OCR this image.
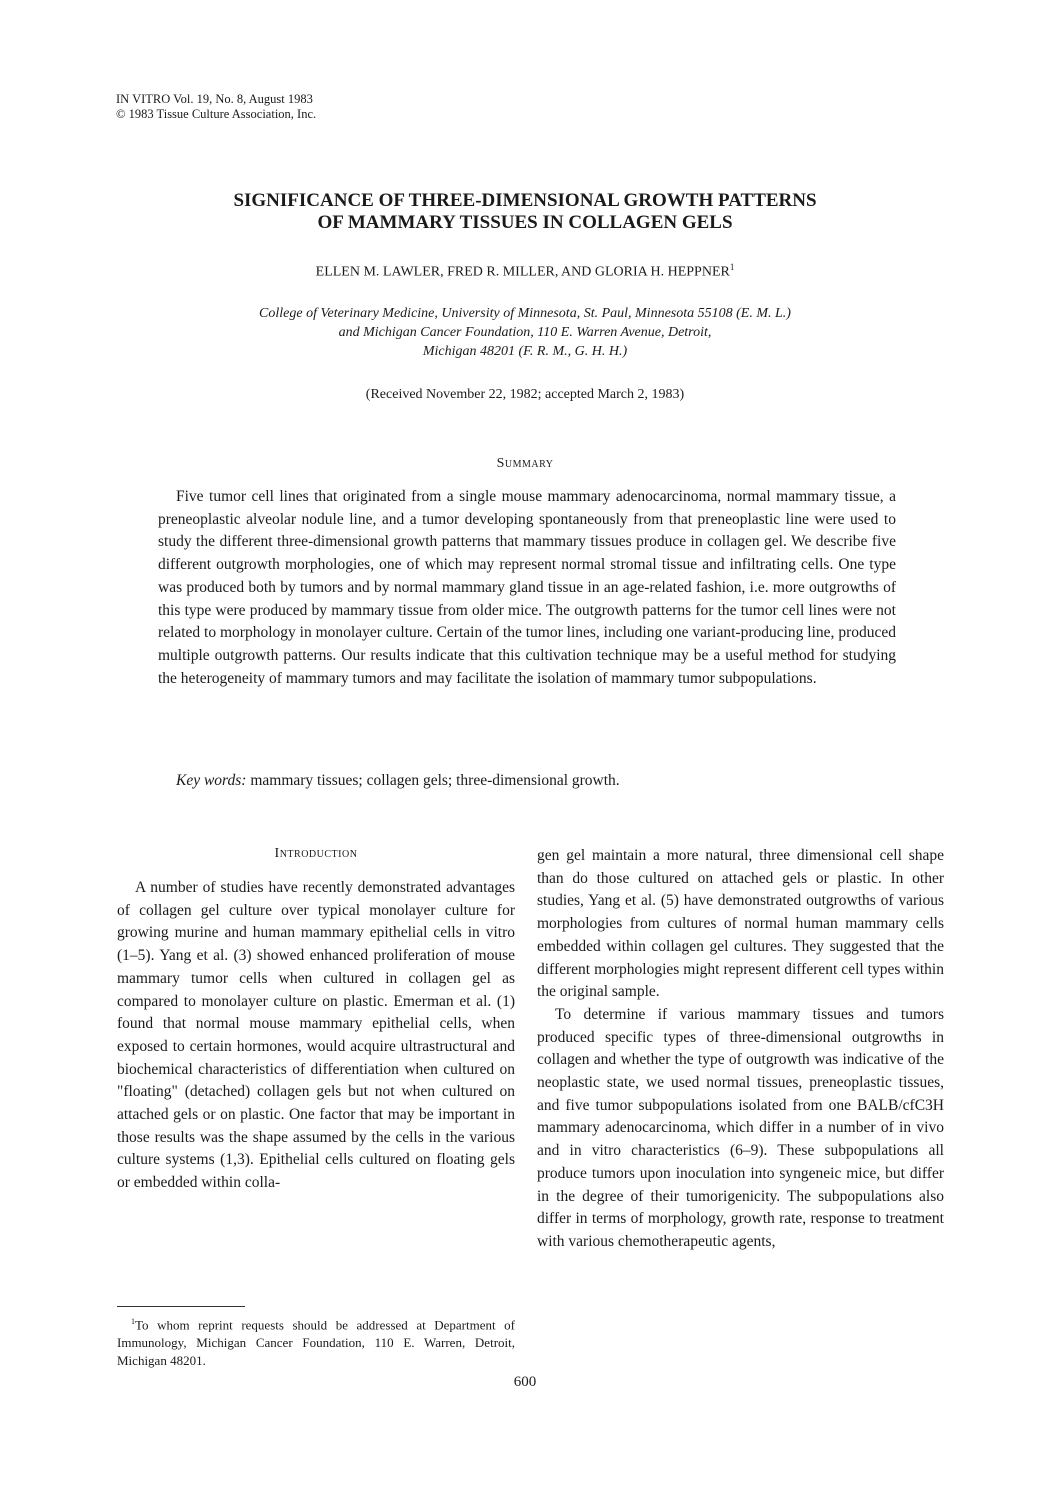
IN VITRO Vol. 19, No. 8, August 1983
© 1983 Tissue Culture Association, Inc.
SIGNIFICANCE OF THREE-DIMENSIONAL GROWTH PATTERNS
OF MAMMARY TISSUES IN COLLAGEN GELS
ELLEN M. LAWLER, FRED R. MILLER, AND GLORIA H. HEPPNER$^1$
College of Veterinary Medicine, University of Minnesota, St. Paul, Minnesota 55108 (E. M. L.)
and Michigan Cancer Foundation, 110 E. Warren Avenue, Detroit,
Michigan 48201 (F. R. M., G. H. H.)
(Received November 22, 1982; accepted March 2, 1983)
Summary

Five tumor cell lines that originated from a single mouse mammary adenocarcinoma, normal mammary tissue, a preneoplastic alveolar nodule line, and a tumor developing spontaneously from that preneoplastic line were used to study the different three-dimensional growth patterns that mammary tissues produce in collagen gel. We describe five different outgrowth morphologies, one of which may represent normal stromal tissue and infiltrating cells. One type was produced both by tumors and by normal mammary gland tissue in an age-related fashion, i.e. more outgrowths of this type were produced by mammary tissue from older mice. The outgrowth patterns for the tumor cell lines were not related to morphology in monolayer culture. Certain of the tumor lines, including one variant-producing line, produced multiple outgrowth patterns. Our results indicate that this cultivation technique may be a useful method for studying the heterogeneity of mammary tumors and may facilitate the isolation of mammary tumor subpopulations.

Key words: mammary tissues; collagen gels; three-dimensional growth.

Introduction

A number of studies have recently demonstrated advantages of collagen gel culture over typical monolayer culture for growing murine and human mammary epithelial cells in vitro (1–5). Yang et al. (3) showed enhanced proliferation of mouse mammary tumor cells when cultured in collagen gel as compared to monolayer culture on plastic. Emerman et al. (1) found that normal mouse mammary epithelial cells, when exposed to certain hormones, would acquire ultrastructural and biochemical characteristics of differentiation when cultured on "floating" (detached) collagen gels but not when cultured on attached gels or on plastic. One factor that may be important in those results was the shape assumed by the cells in the various culture systems (1,3). Epithelial cells cultured on floating gels or embedded within colla-

gen gel maintain a more natural, three dimensional cell shape than do those cultured on attached gels or plastic. In other studies, Yang et al. (5) have demonstrated outgrowths of various morphologies from cultures of normal human mammary cells embedded within collagen gel cultures. They suggested that the different morphologies might represent different cell types within the original sample.

To determine if various mammary tissues and tumors produced specific types of three-dimensional outgrowths in collagen and whether the type of outgrowth was indicative of the neoplastic state, we used normal tissues, preneoplastic tissues, and five tumor subpopulations isolated from one BALB/cfC3H mammary adenocarcinoma, which differ in a number of in vivo and in vitro characteristics (6–9). These subpopulations all produce tumors upon inoculation into syngeneic mice, but differ in the degree of their tumorigenicity. The subpopulations also differ in terms of morphology, growth rate, response to treatment with various chemotherapeutic agents,

$^1$To whom reprint requests should be addressed at Department of Immunology, Michigan Cancer Foundation, 110 E. Warren, Detroit, Michigan 48201.

600
